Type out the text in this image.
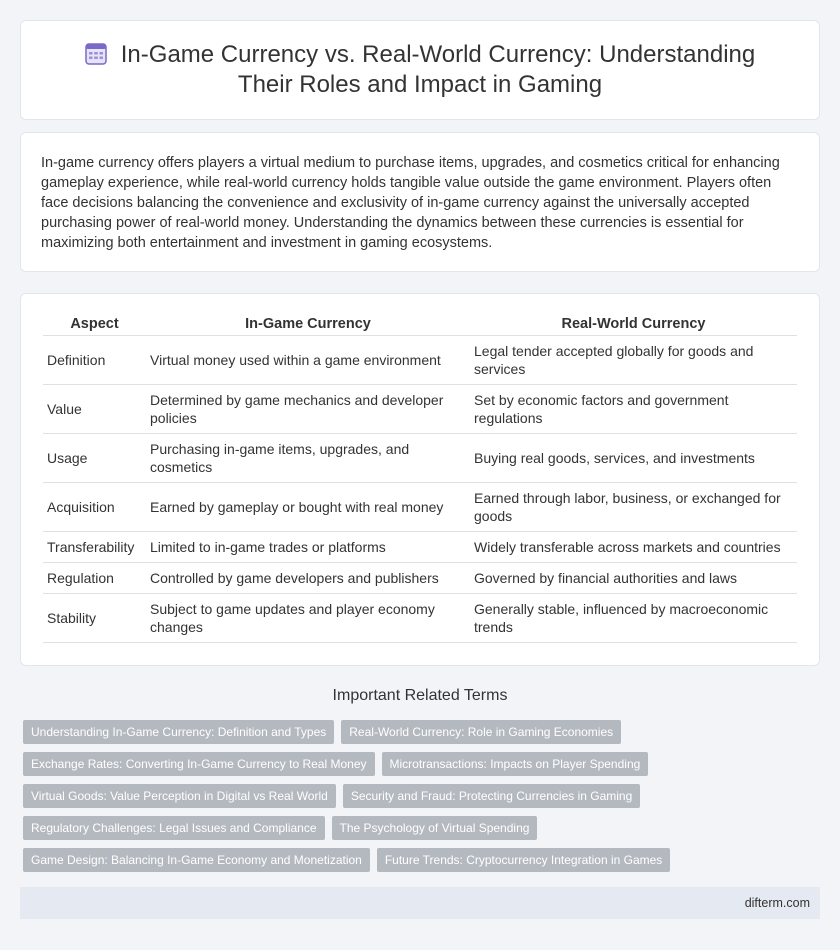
In-Game Currency vs. Real-World Currency: Understanding Their Roles and Impact in Gaming
In-game currency offers players a virtual medium to purchase items, upgrades, and cosmetics critical for enhancing gameplay experience, while real-world currency holds tangible value outside the game environment. Players often face decisions balancing the convenience and exclusivity of in-game currency against the universally accepted purchasing power of real-world money. Understanding the dynamics between these currencies is essential for maximizing both entertainment and investment in gaming ecosystems.
Aspect	In-Game Currency	Real-World Currency
Definition	Virtual money used within a game environment	Legal tender accepted globally for goods and services
Value	Determined by game mechanics and developer policies	Set by economic factors and government regulations
Usage	Purchasing in-game items, upgrades, and cosmetics	Buying real goods, services, and investments
Acquisition	Earned by gameplay or bought with real money	Earned through labor, business, or exchanged for goods
Transferability	Limited to in-game trades or platforms	Widely transferable across markets and countries
Regulation	Controlled by game developers and publishers	Governed by financial authorities and laws
Stability	Subject to game updates and player economy changes	Generally stable, influenced by macroeconomic trends
Important Related Terms
Understanding In-Game Currency: Definition and Types	Real-World Currency: Role in Gaming Economies
Exchange Rates: Converting In-Game Currency to Real Money	Microtransactions: Impacts on Player Spending
Virtual Goods: Value Perception in Digital vs Real World	Security and Fraud: Protecting Currencies in Gaming
Regulatory Challenges: Legal Issues and Compliance	The Psychology of Virtual Spending
Game Design: Balancing In-Game Economy and Monetization	Future Trends: Cryptocurrency Integration in Games
difterm.com
